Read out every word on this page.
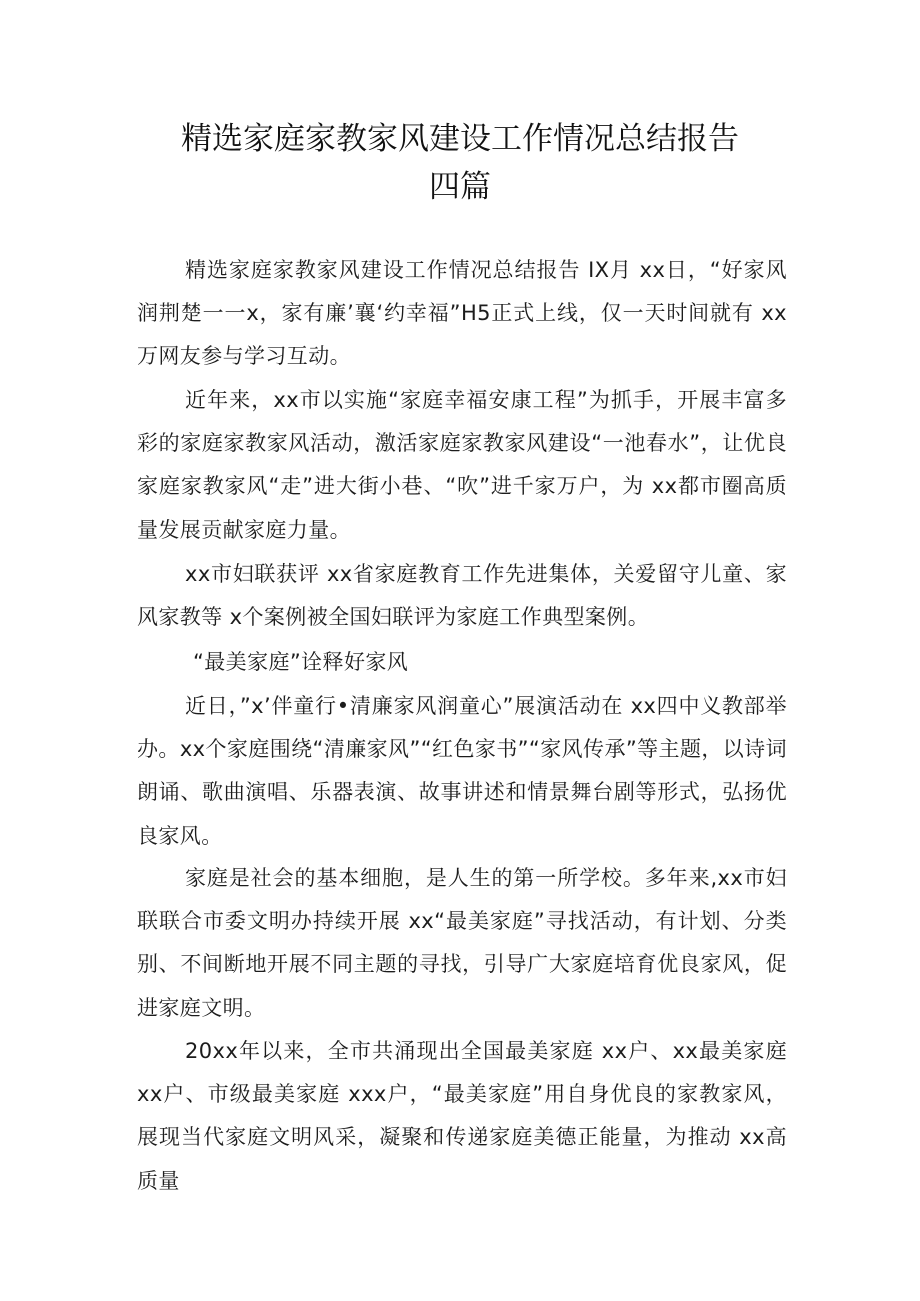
精选家庭家教家风建设工作情况总结报告
四篇

精选家庭家教家风建设工作情况总结报告 IX月 xx日，“好家风润荆楚一一x，家有廉’襄‘约幸福”H5正式上线，仅一天时间就有 xx万网友参与学习互动。

近年来，xx市以实施“家庭幸福安康工程”为抓手，开展丰富多彩的家庭家教家风活动，激活家庭家教家风建设“一池春水”，让优良家庭家教家风“走”进大街小巷、“吹”进千家万户，为 xx都市圈高质量发展贡献家庭力量。

xx市妇联获评 xx省家庭教育工作先进集体，关爱留守儿童、家风家教等 x个案例被全国妇联评为家庭工作典型案例。

“最美家庭”诠释好家风

近日，”x’伴童行•清廉家风润童心”展演活动在 xx四中义教部举办。xx个家庭围绕“清廉家风”“红色家书”“家风传承”等主题，以诗词朗诵、歌曲演唱、乐器表演、故事讲述和情景舞台剧等形式，弘扬优良家风。

家庭是社会的基本细胞，是人生的第一所学校。多年来,xx市妇联联合市委文明办持续开展 xx“最美家庭”寻找活动，有计划、分类别、不间断地开展不同主题的寻找，引导广大家庭培育优良家风，促进家庭文明。

20xx年以来，全市共涌现出全国最美家庭 xx户、xx最美家庭 xx户、市级最美家庭 xxx户，“最美家庭”用自身优良的家教家风，展现当代家庭文明风采，凝聚和传递家庭美德正能量，为推动 xx高质量
